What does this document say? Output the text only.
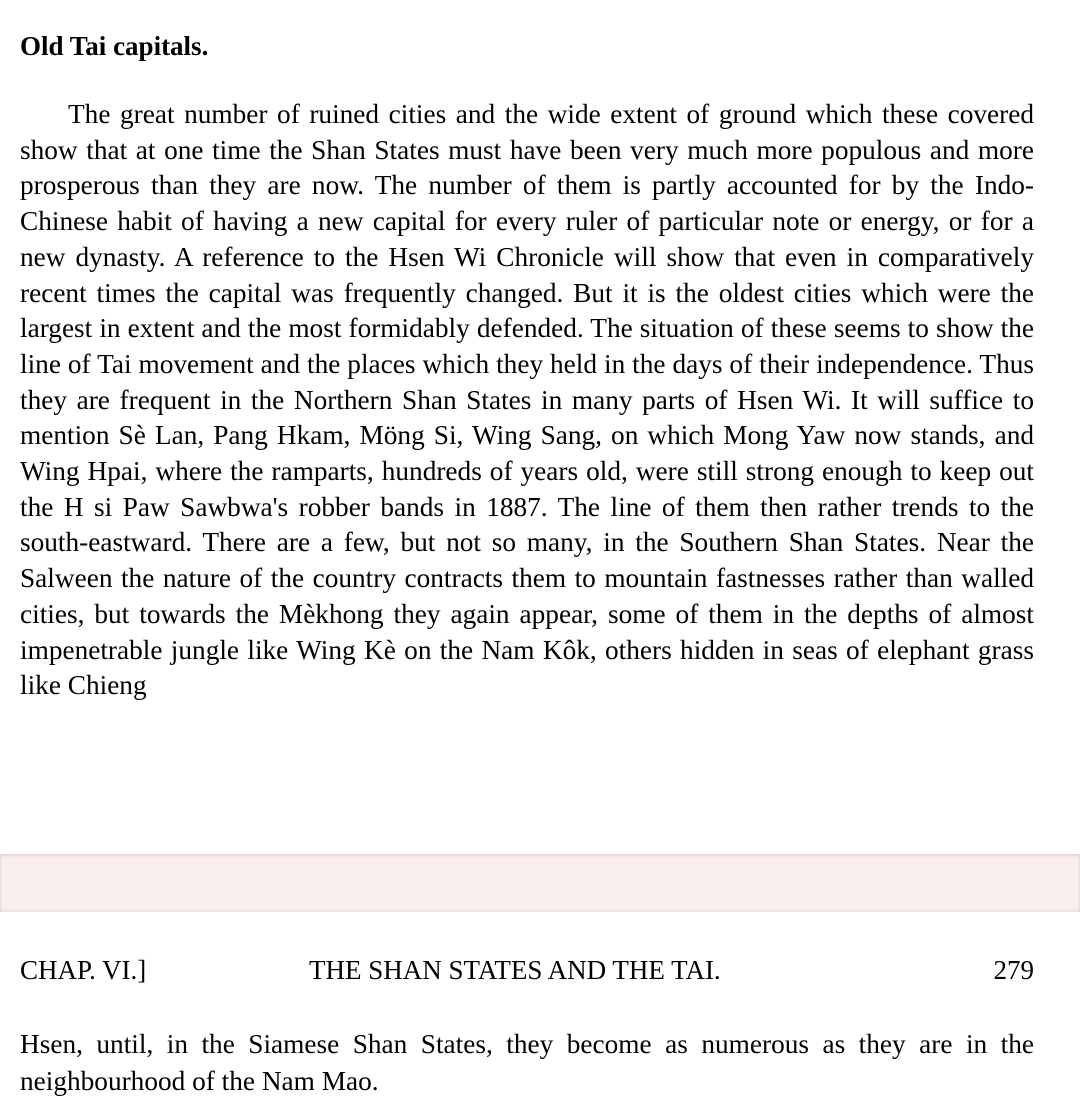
Old Tai capitals.

The great number of ruined cities and the wide extent of ground which these covered show that at one time the Shan States must have been very much more populous and more prosperous than they are now. The number of them is partly accounted for by the Indo-Chinese habit of having a new capital for every ruler of particular note or energy, or for a new dynasty. A reference to the Hsen Wi Chronicle will show that even in comparatively recent times the capital was frequently changed. But it is the oldest cities which were the largest in extent and the most formidably defended. The situation of these seems to show the line of Tai movement and the places which they held in the days of their independence. Thus they are frequent in the Northern Shan States in many parts of Hsen Wi. It will suffice to mention Sè Lan, Pang Hkam, Möng Si, Wing Sang, on which Mong Yaw now stands, and Wing Hpai, where the ramparts, hundreds of years old, were still strong enough to keep out the H si Paw Sawbwa's robber bands in 1887. The line of them then rather trends to the south-eastward. There are a few, but not so many, in the Southern Shan States. Near the Salween the nature of the country contracts them to mountain fastnesses rather than walled cities, but towards the Mèkhong they again appear, some of them in the depths of almost impenetrable jungle like Wing Kè on the Nam Kôk, others hidden in seas of elephant grass like Chieng

CHAP. VI.]	THE SHAN STATES AND THE TAI.	279

Hsen, until, in the Siamese Shan States, they become as numerous as they are in the neighbourhood of the Nam Mao.
